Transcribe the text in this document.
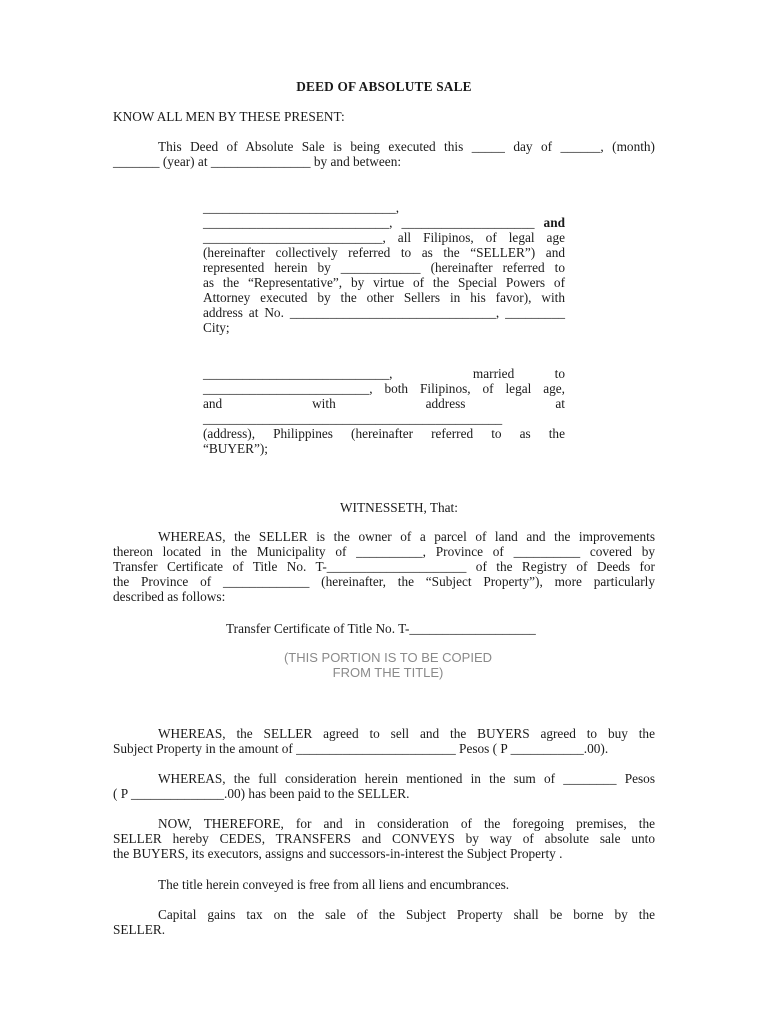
DEED OF ABSOLUTE SALE
KNOW ALL MEN BY THESE PRESENT:
This Deed of Absolute Sale is being executed this _____ day of ______, (month)
_______ (year) at _______________ by and between:
_____________________________,
____________________________, ____________________ and
___________________________, all Filipinos, of legal age
(hereinafter collectively referred to as the “SELLER”) and
represented herein by ____________ (hereinafter referred to
as the “Representative”, by virtue of the Special Powers of
Attorney executed by the other Sellers in his favor), with
address at No. _______________________________, _________
City;
____________________________,	married	to
_________________________, both Filipinos, of legal age,
and	with	address	at
_____________________________________________
(address), Philippines (hereinafter referred to as the
“BUYER”);
WITNESSETH, That:
WHEREAS, the SELLER is the owner of a parcel of land and the improvements
thereon located in the Municipality of __________, Province of __________ covered by
Transfer Certificate of Title No. T-_____________________ of the Registry of Deeds for
the Province of _____________ (hereinafter, the “Subject Property”), more particularly
described as follows:
Transfer Certificate of Title No. T-___________________
(THIS PORTION IS TO BE COPIED
FROM THE TITLE)
WHEREAS, the SELLER agreed to sell and the BUYERS agreed to buy the
Subject Property in the amount of ________________________ Pesos ( P ___________.00).
WHEREAS, the full consideration herein mentioned in the sum of ________ Pesos
( P ______________.00) has been paid to the SELLER.
NOW, THEREFORE, for and in consideration of the foregoing premises, the
SELLER hereby CEDES, TRANSFERS and CONVEYS by way of absolute sale unto
the BUYERS, its executors, assigns and successors-in-interest the Subject Property .
The title herein conveyed is free from all liens and encumbrances.
Capital gains tax on the sale of the Subject Property shall be borne by the
SELLER.
